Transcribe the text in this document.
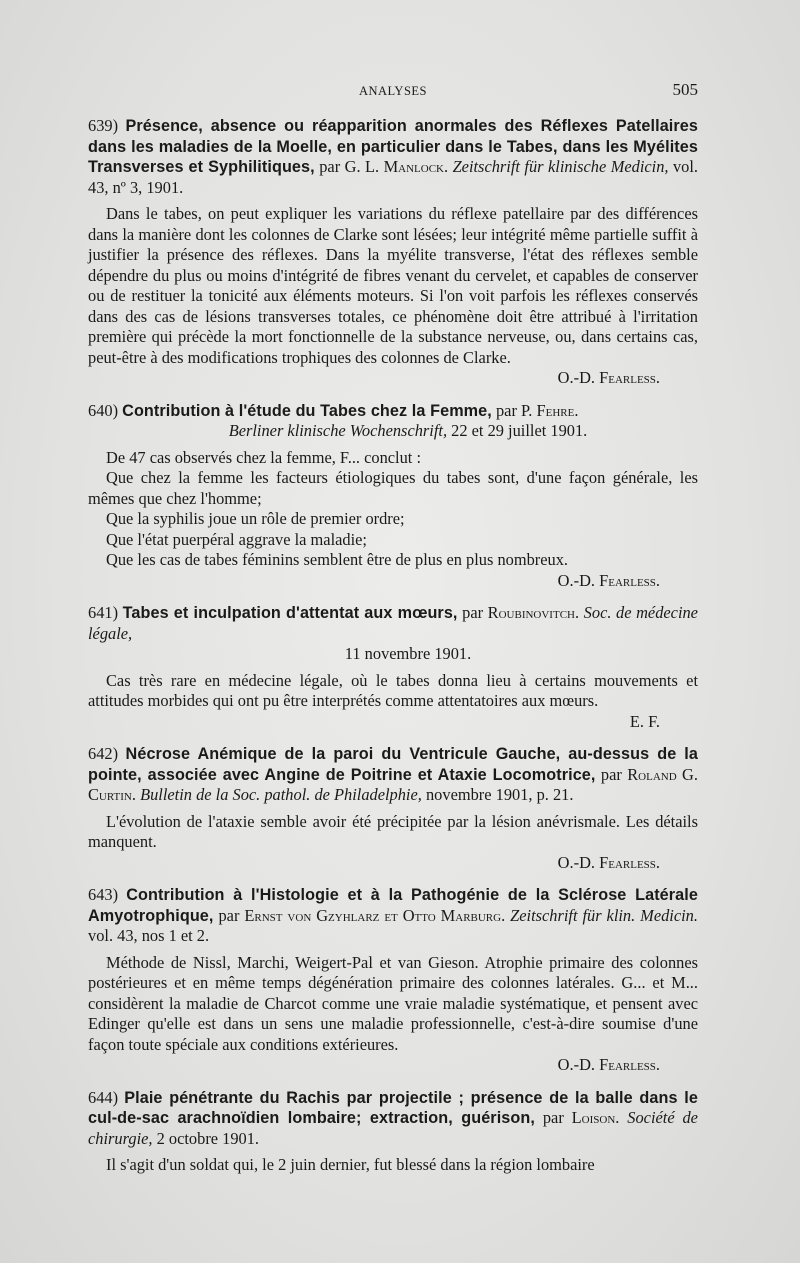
ANALYSES	505
639) Présence, absence ou réapparition anormales des Réflexes Patellaires dans les maladies de la Moelle, en particulier dans le Tabes, dans les Myélites Transverses et Syphilitiques, par G. L. Manlock. Zeitschrift für klinische Medicin, vol. 43, nº 3, 1901.

Dans le tabes, on peut expliquer les variations du réflexe patellaire par des différences dans la manière dont les colonnes de Clarke sont lésées; leur intégrité même partielle suffit à justifier la présence des réflexes. Dans la myélite transverse, l'état des réflexes semble dépendre du plus ou moins d'intégrité de fibres venant du cervelet, et capables de conserver ou de restituer la tonicité aux éléments moteurs. Si l'on voit parfois les réflexes conservés dans des cas de lésions transverses totales, ce phénomène doit être attribué à l'irritation première qui précède la mort fonctionnelle de la substance nerveuse, ou, dans certains cas, peut-être à des modifications trophiques des colonnes de Clarke.

O.-D. Fearless.

640) Contribution à l'étude du Tabes chez la Femme, par P. Fehre.
Berliner klinische Wochenschrift, 22 et 29 juillet 1901.

De 47 cas observés chez la femme, F... conclut :

Que chez la femme les facteurs étiologiques du tabes sont, d'une façon générale, les mêmes que chez l'homme;

Que la syphilis joue un rôle de premier ordre;

Que l'état puerpéral aggrave la maladie;

Que les cas de tabes féminins semblent être de plus en plus nombreux.

O.-D. Fearless.

641) Tabes et inculpation d'attentat aux mœurs, par Roubinovitch. Soc. de médecine légale,
11 novembre 1901.

Cas très rare en médecine légale, où le tabes donna lieu à certains mouvements et attitudes morbides qui ont pu être interprétés comme attentatoires aux mœurs.

E. F.

642) Nécrose Anémique de la paroi du Ventricule Gauche, au-dessus de la pointe, associée avec Angine de Poitrine et Ataxie Locomotrice, par Roland G. Curtin. Bulletin de la Soc. pathol. de Philadelphie, novembre 1901, p. 21.

L'évolution de l'ataxie semble avoir été précipitée par la lésion anévrismale. Les détails manquent.

O.-D. Fearless.

643) Contribution à l'Histologie et à la Pathogénie de la Sclérose Latérale Amyotrophique, par Ernst von Gzyhlarz et Otto Marburg. Zeitschrift für klin. Medicin. vol. 43, nos 1 et 2.

Méthode de Nissl, Marchi, Weigert-Pal et van Gieson. Atrophie primaire des colonnes postérieures et en même temps dégénération primaire des colonnes latérales. G... et M... considèrent la maladie de Charcot comme une vraie maladie systématique, et pensent avec Edinger qu'elle est dans un sens une maladie professionnelle, c'est-à-dire soumise d'une façon toute spéciale aux conditions extérieures.

O.-D. Fearless.

644) Plaie pénétrante du Rachis par projectile ; présence de la balle dans le cul-de-sac arachnoïdien lombaire; extraction, guérison, par Loison. Société de chirurgie, 2 octobre 1901.

Il s'agit d'un soldat qui, le 2 juin dernier, fut blessé dans la région lombaire
